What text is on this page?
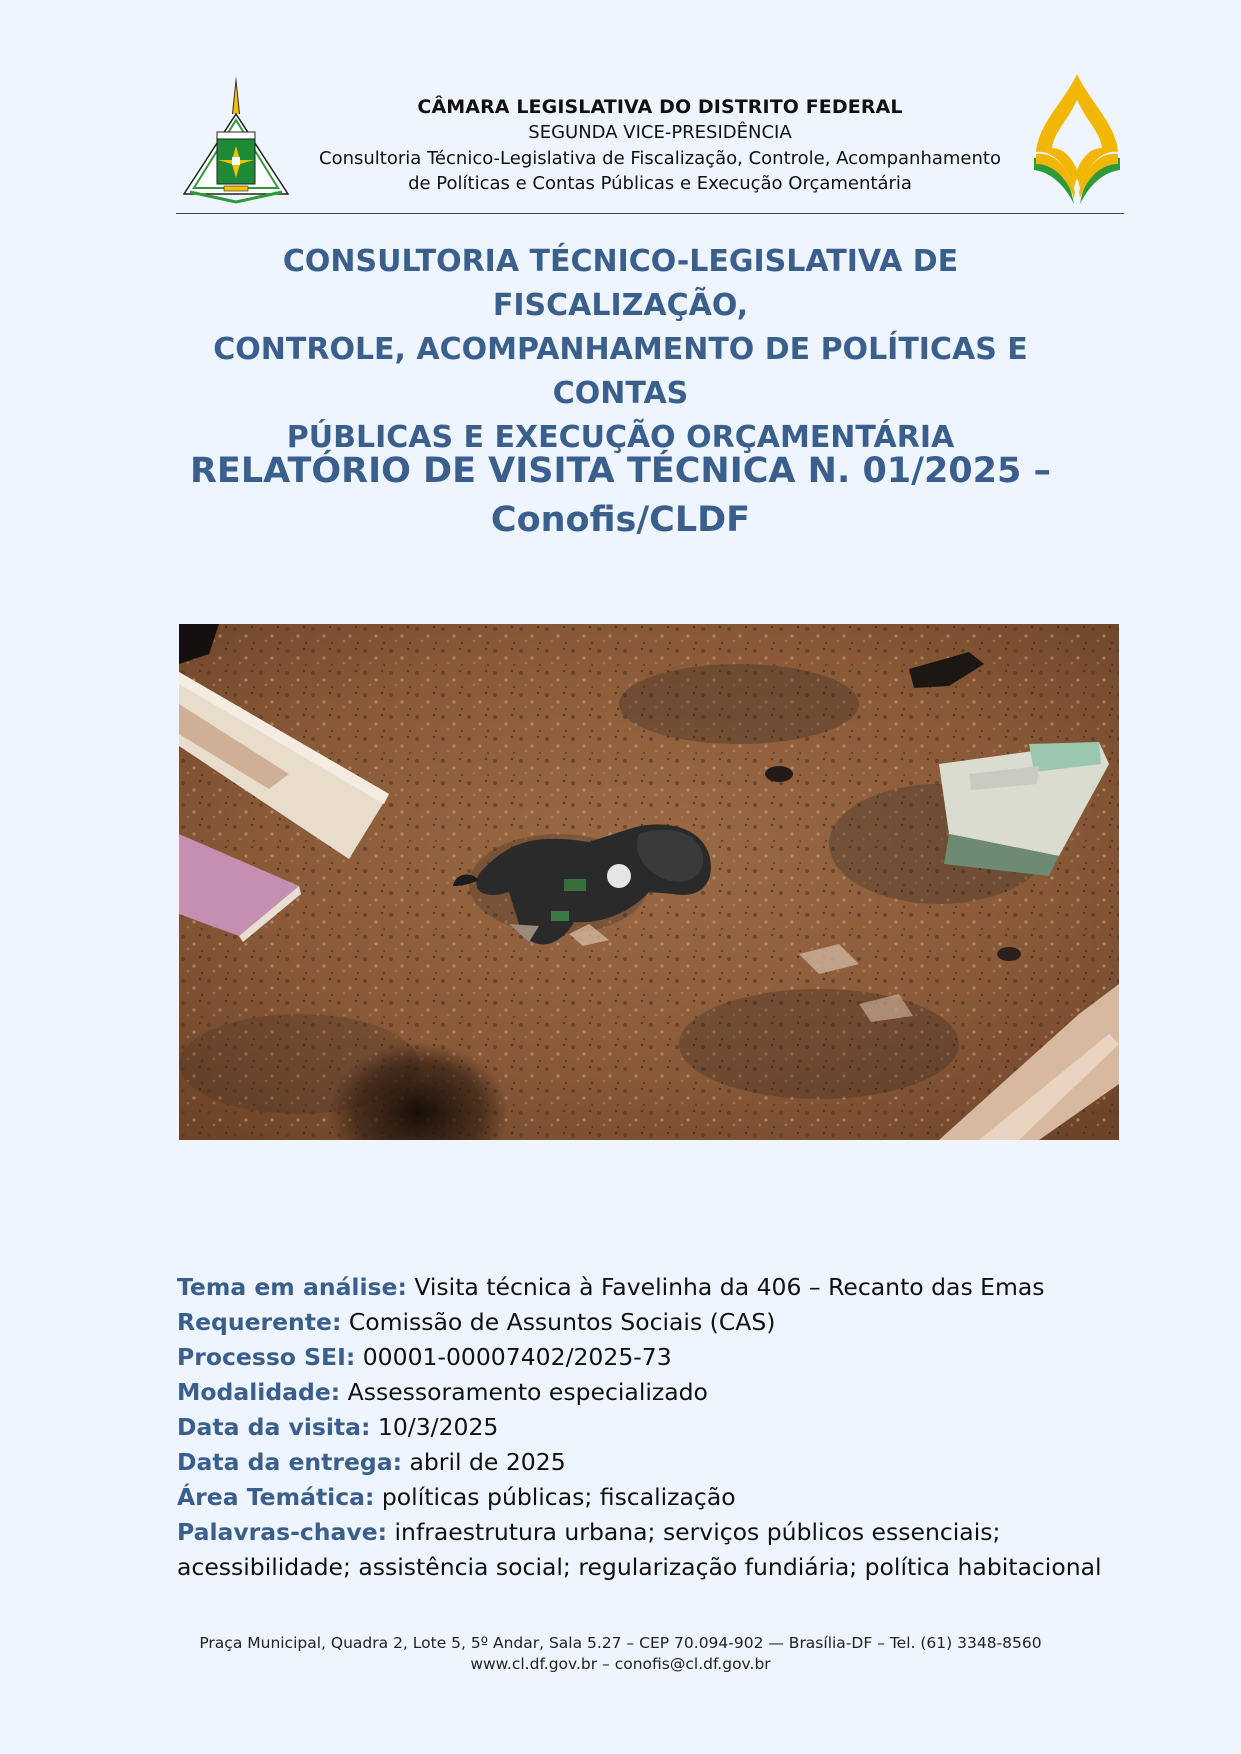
CÂMARA LEGISLATIVA DO DISTRITO FEDERAL
SEGUNDA VICE-PRESIDÊNCIA
Consultoria Técnico-Legislativa de Fiscalização, Controle, Acompanhamento
de Políticas e Contas Públicas e Execução Orçamentária
CONSULTORIA TÉCNICO-LEGISLATIVA DE FISCALIZAÇÃO,
CONTROLE, ACOMPANHAMENTO DE POLÍTICAS E CONTAS
PÚBLICAS E EXECUÇÃO ORÇAMENTÁRIA
RELATÓRIO DE VISITA TÉCNICA N. 01/2025 –
Conofis/CLDF
Tema em análise: Visita técnica à Favelinha da 406 – Recanto das Emas
Requerente: Comissão de Assuntos Sociais (CAS)
Processo SEI: 00001-00007402/2025-73
Modalidade: Assessoramento especializado
Data da visita: 10/3/2025
Data da entrega: abril de 2025
Área Temática: políticas públicas; fiscalização
Palavras-chave: infraestrutura urbana; serviços públicos essenciais; acessibilidade; assistência social; regularização fundiária; política habitacional
Praça Municipal, Quadra 2, Lote 5, 5º Andar, Sala 5.27 – CEP 70.094-902 — Brasília-DF – Tel. (61) 3348-8560
www.cl.df.gov.br – conofis@cl.df.gov.br
